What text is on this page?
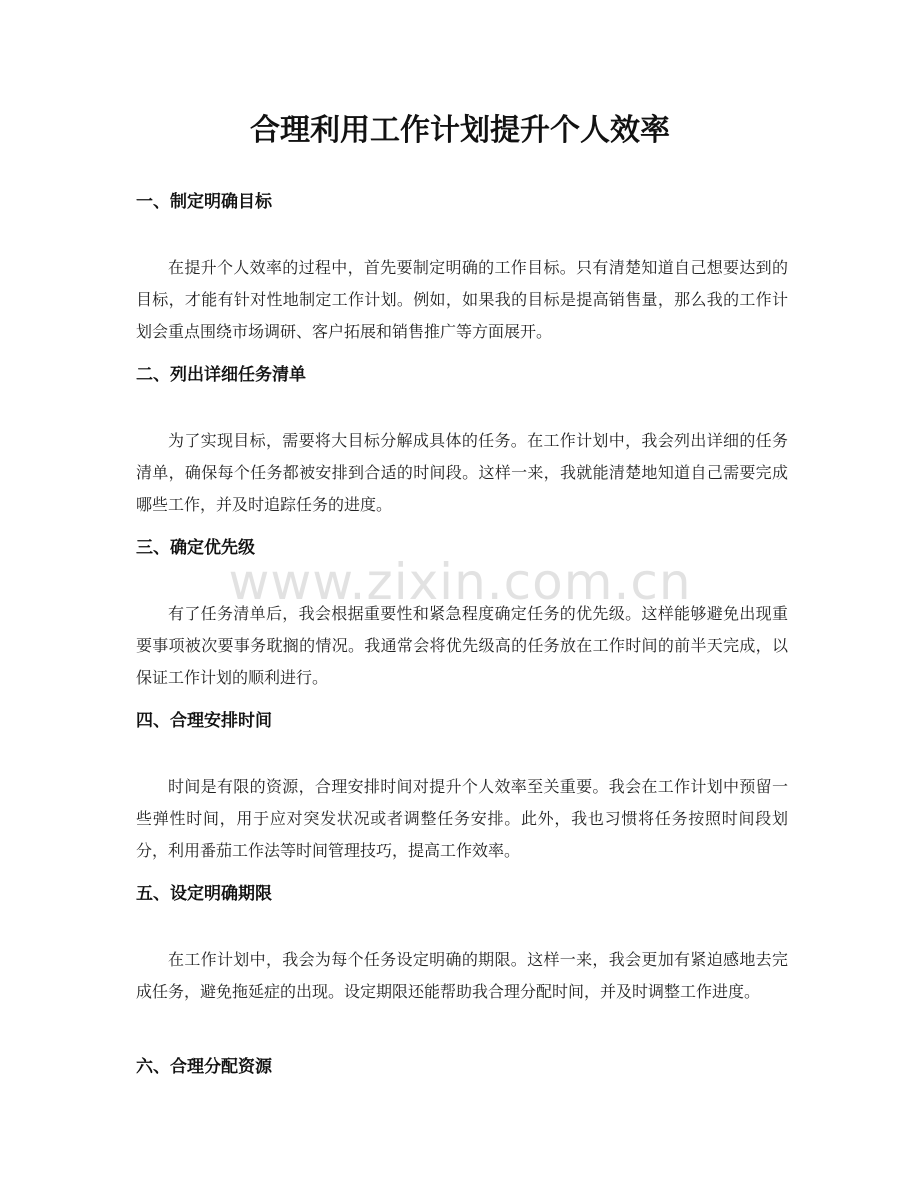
合理利用工作计划提升个人效率
www.zixin.com.cn
一、制定明确目标

在提升个人效率的过程中，首先要制定明确的工作目标。只有清楚知道自己想要达到的目标，才能有针对性地制定工作计划。例如，如果我的目标是提高销售量，那么我的工作计划会重点围绕市场调研、客户拓展和销售推广等方面展开。

二、列出详细任务清单

为了实现目标，需要将大目标分解成具体的任务。在工作计划中，我会列出详细的任务清单，确保每个任务都被安排到合适的时间段。这样一来，我就能清楚地知道自己需要完成哪些工作，并及时追踪任务的进度。

三、确定优先级

有了任务清单后，我会根据重要性和紧急程度确定任务的优先级。这样能够避免出现重要事项被次要事务耽搁的情况。我通常会将优先级高的任务放在工作时间的前半天完成，以保证工作计划的顺利进行。

四、合理安排时间

时间是有限的资源，合理安排时间对提升个人效率至关重要。我会在工作计划中预留一些弹性时间，用于应对突发状况或者调整任务安排。此外，我也习惯将任务按照时间段划分，利用番茄工作法等时间管理技巧，提高工作效率。

五、设定明确期限

在工作计划中，我会为每个任务设定明确的期限。这样一来，我会更加有紧迫感地去完成任务，避免拖延症的出现。设定期限还能帮助我合理分配时间，并及时调整工作进度。

六、合理分配资源
